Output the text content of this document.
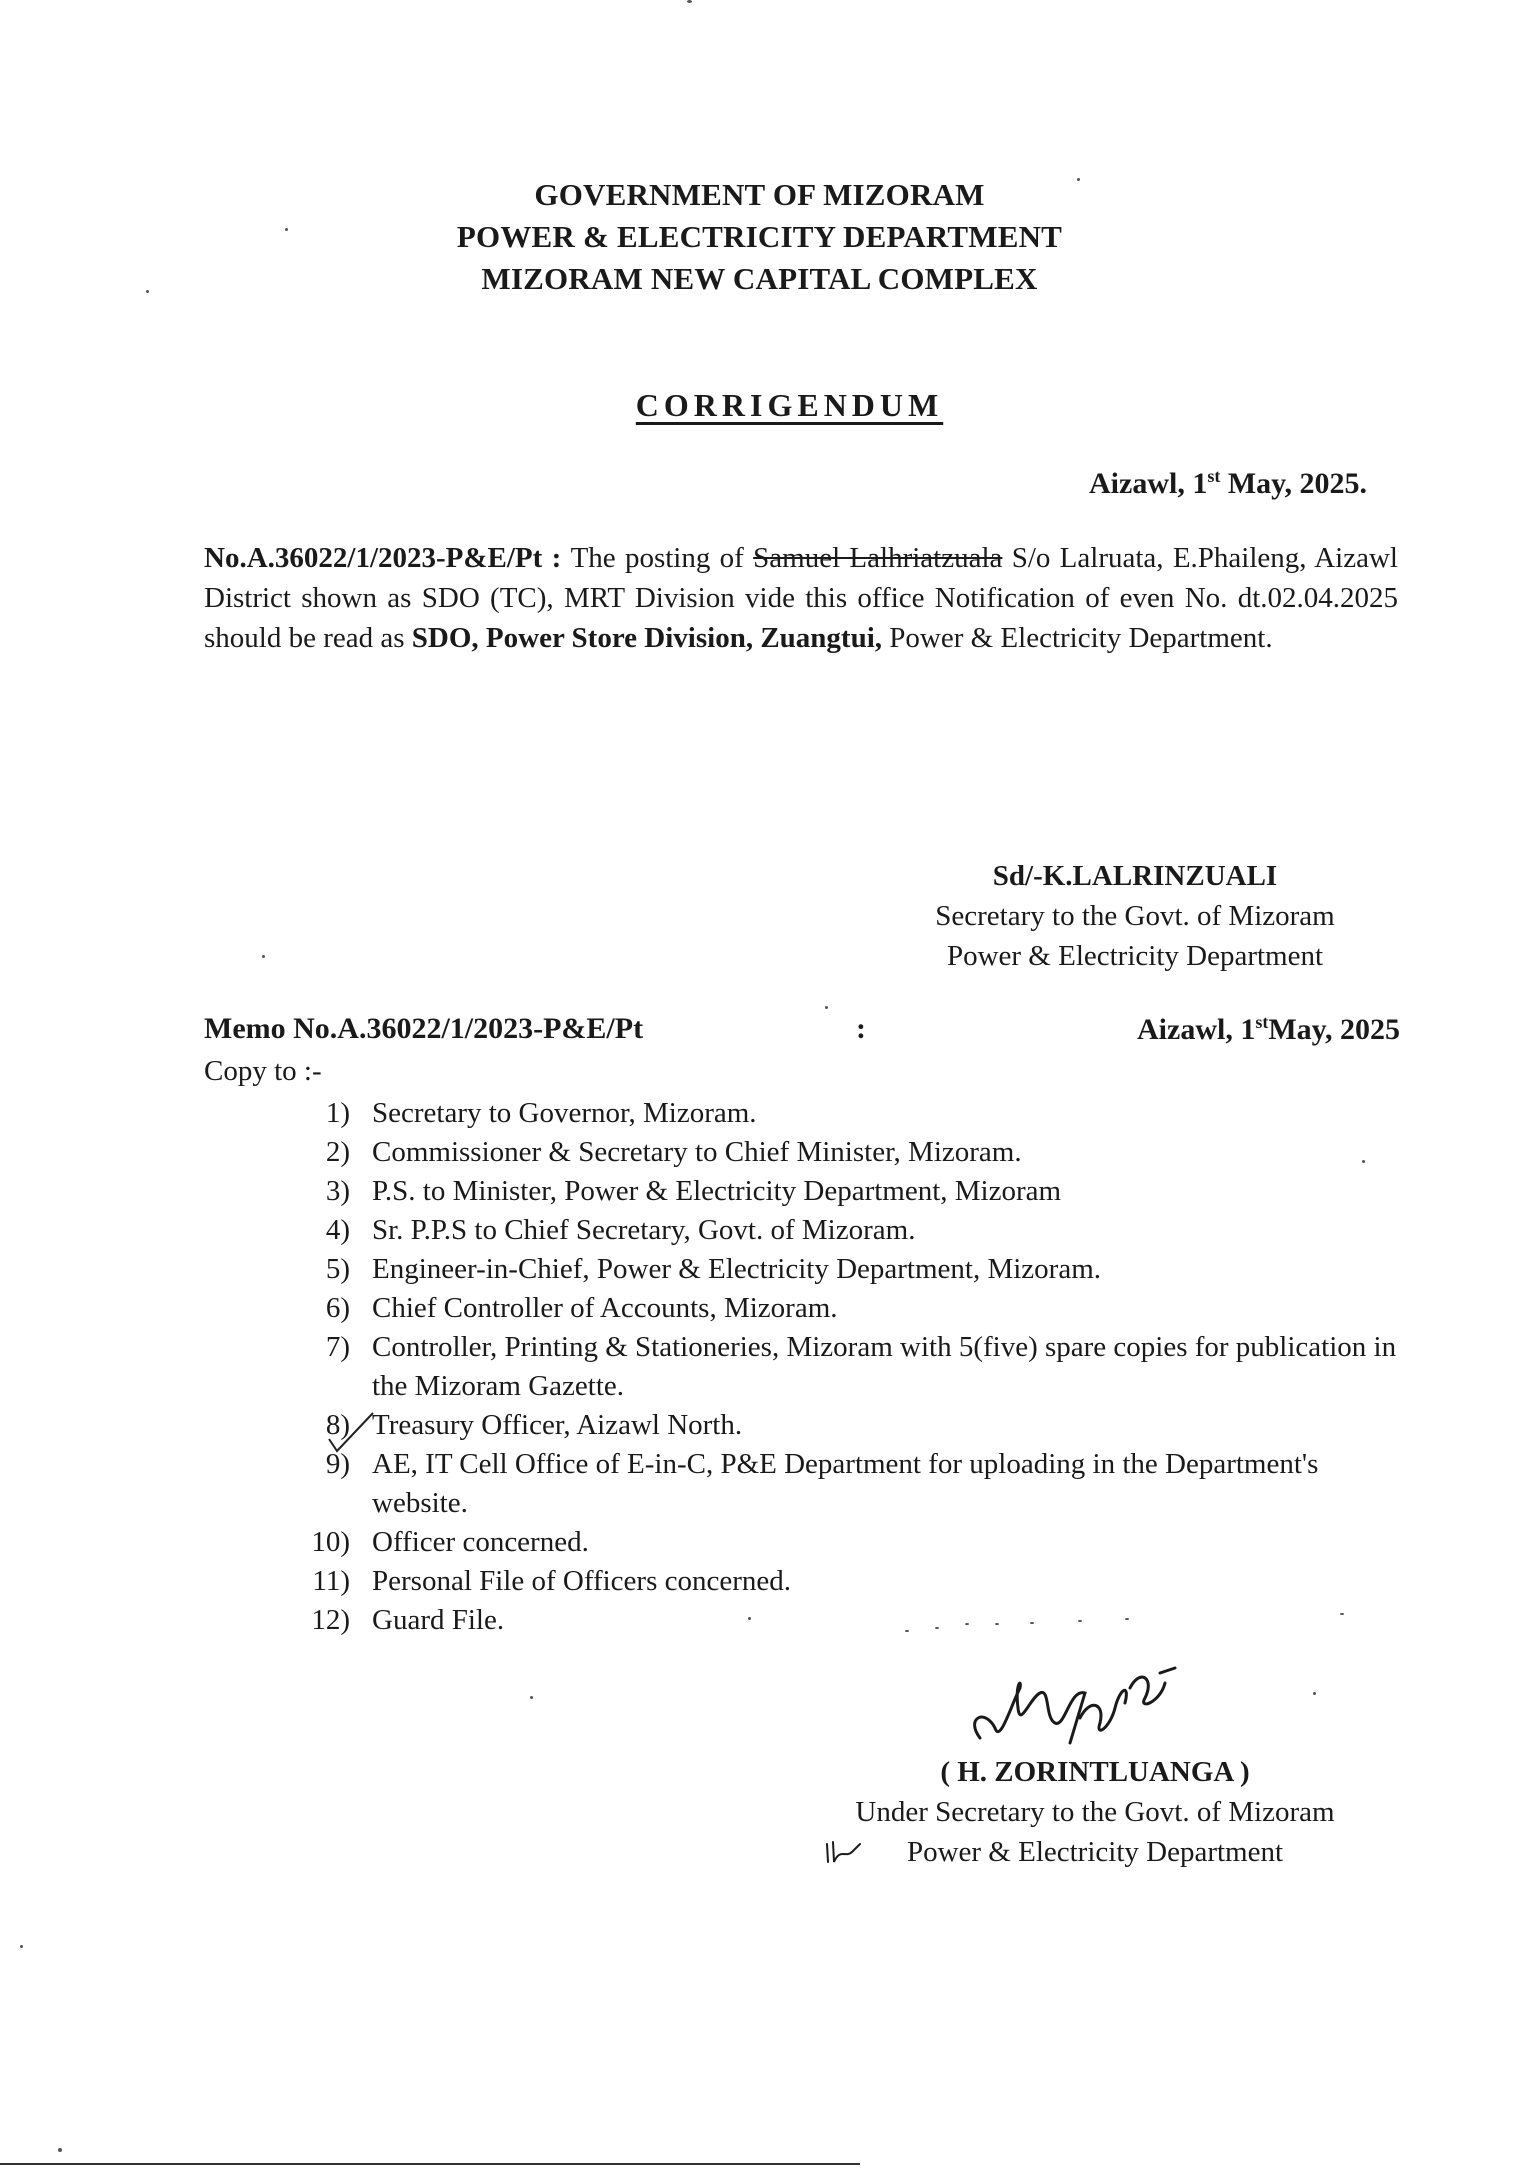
GOVERNMENT OF MIZORAM
POWER & ELECTRICITY DEPARTMENT
MIZORAM NEW CAPITAL COMPLEX
CORRIGENDUM
Aizawl, 1st May, 2025.
No.A.36022/1/2023-P&E/Pt : The posting of Samuel Lalhriatzuala S/o Lalruata, E.Phaileng, Aizawl District shown as SDO (TC), MRT Division vide this office Notification of even No. dt.02.04.2025 should be read as SDO, Power Store Division, Zuangtui, Power & Electricity Department.
Sd/-K.LALRINZUALI
Secretary to the Govt. of Mizoram
Power & Electricity Department
Memo No.A.36022/1/2023-P&E/Pt	:	Aizawl, 1stMay, 2025
Copy to :-
1) Secretary to Governor, Mizoram.
2) Commissioner & Secretary to Chief Minister, Mizoram.
3) P.S. to Minister, Power & Electricity Department, Mizoram
4) Sr. P.P.S to Chief Secretary, Govt. of Mizoram.
5) Engineer-in-Chief, Power & Electricity Department, Mizoram.
6) Chief Controller of Accounts, Mizoram.
7) Controller, Printing & Stationeries, Mizoram with 5(five) spare copies for publication in the Mizoram Gazette.
8) Treasury Officer, Aizawl North.
9) AE, IT Cell Office of E-in-C, P&E Department for uploading in the Department's website.
10) Officer concerned.
11) Personal File of Officers concerned.
12) Guard File.
( H. ZORINTLUANGA )
Under Secretary to the Govt. of Mizoram
Power & Electricity Department
